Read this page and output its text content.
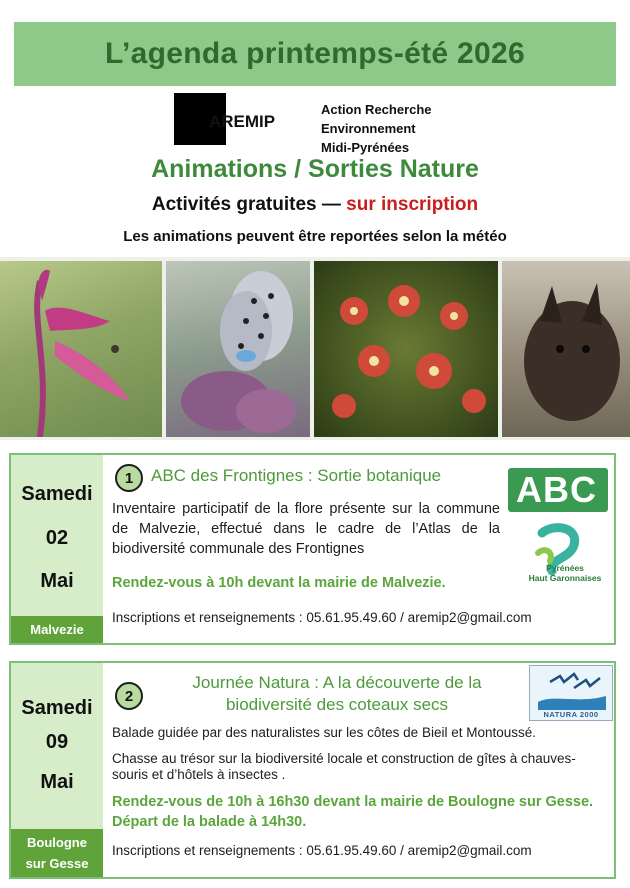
L’agenda printemps-été 2026
AREMIP
Action Recherche
Environnement
Midi-Pyrénées
Animations / Sorties Nature
Activités gratuites — sur inscription
Les animations peuvent être reportées selon la météo
Samedi
02
Mai
Malvezie
1	ABC des Frontignes : Sortie botanique
Inventaire participatif de la flore présente sur la commune de Malvezie, effectué dans le cadre de l’Atlas de la biodiversité communale des Frontignes
Rendez-vous à 10h devant la mairie de Malvezie.
Inscriptions et renseignements : 05.61.95.49.60 / aremip2@gmail.com
ABC
Pyrénées
Haut Garonnaises
Samedi
09
Mai
Boulogne
sur Gesse
2
Journée Natura : A la découverte de la
biodiversité des coteaux secs
Balade guidée par des naturalistes sur les côtes de Bieil et Montoussé.
Chasse au trésor sur la biodiversité locale et construction de gîtes à chauves-souris et d’hôtels à insectes .
Rendez-vous de 10h à 16h30 devant la mairie de Boulogne sur Gesse. Départ de la balade à 14h30.
Inscriptions et renseignements : 05.61.95.49.60 / aremip2@gmail.com
NATURA 2000
